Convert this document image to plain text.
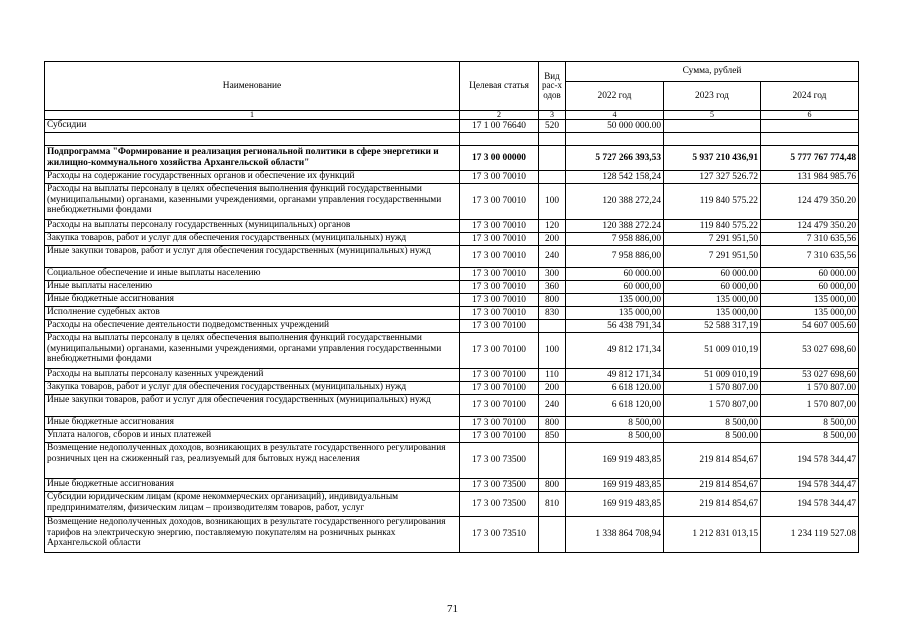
Наименование	Целевая статья	Вид рас-ходов	Сумма, рублей		
			2022 год	2023 год	2024 год
1	2	3	4	5	6
Субсидии	17 1 00 76640	520	50 000 000.00		

Подпрограмма "Формирование и реализация региональной политики в сфере энергетики и жилищно-коммунального хозяйства Архангельской области"	17 3 00 00000		5 727 266 393,53	5 937 210 436,91	5 777 767 774,48
Расходы на содержание государственных органов и обеспечение их функций	17 3 00 70010		128 542 158,24	127 327 526.72	131 984 985.76
Расходы на выплаты персоналу в целях обеспечения выполнения функций государственными (муниципальными) органами, казенными учреждениями, органами управления государственными внебюджетными фондами	17 3 00 70010	100	120 388 272,24	119 840 575.22	124 479 350.20
Расходы на выплаты персоналу государственных (муниципальных) органов	17 3 00 70010	120	120 388 272.24	119 840 575.22	124 479 350.20
Закупка товаров, работ и услуг для обеспечения государственных (муниципальных) нужд	17 3 00 70010	200	7 958 886,00	7 291 951,50	7 310 635,56
Иные закупки товаров, работ и услуг для обеспечения государственных (муниципальных) нужд	17 3 00 70010	240	7 958 886,00	7 291 951,50	7 310 635,56
Социальное обеспечение и иные выплаты населению	17 3 00 70010	300	60 000.00	60 000.00	60 000.00
Иные выплаты населению	17 3 00 70010	360	60 000,00	60 000,00	60 000,00
Иные бюджетные ассигнования	17 3 00 70010	800	135 000,00	135 000,00	135 000,00
Исполнение судебных актов	17 3 00 70010	830	135 000,00	135 000,00	135 000,00
Расходы на обеспечение деятельности подведомственных учреждений	17 3 00 70100		56 438 791,34	52 588 317,19	54 607 005.60
Расходы на выплаты персоналу в целях обеспечения выполнения функций государственными (муниципальными) органами, казенными учреждениями, органами управления государственными внебюджетными фондами	17 3 00 70100	100	49 812 171,34	51 009 010,19	53 027 698,60
Расходы на выплаты персоналу казенных учреждений	17 3 00 70100	110	49 812 171,34	51 009 010,19	53 027 698,60
Закупка товаров, работ и услуг для обеспечения государственных (муниципальных) нужд	17 3 00 70100	200	6 618 120.00	1 570 807.00	1 570 807.00
Иные закупки товаров, работ и услуг для обеспечения государственных (муниципальных) нужд	17 3 00 70100	240	6 618 120,00	1 570 807,00	1 570 807,00
Иные бюджетные ассигнования	17 3 00 70100	800	8 500,00	8 500,00	8 500,00
Уплата налогов, сборов и иных платежей	17 3 00 70100	850	8 500,00	8 500.00	8 500,00
Возмещение недополученных доходов, возникающих в результате государственного регулирования розничных цен на сжиженный газ, реализуемый для бытовых нужд населения	17 3 00 73500		169 919 483,85	219 814 854,67	194 578 344,47
Иные бюджетные ассигнования	17 3 00 73500	800	169 919 483,85	219 814 854,67	194 578 344,47
Субсидии юридическим лицам (кроме некоммерческих организаций), индивидуальным предпринимателям, физическим лицам – производителям товаров, работ, услуг	17 3 00 73500	810	169 919 483,85	219 814 854,67	194 578 344,47
Возмещение недополученных доходов, возникающих в результате государственного регулирования тарифов на электрическую энергию, поставляемую покупателям на розничных рынках Архангельской области	17 3 00 73510		1 338 864 708,94	1 212 831 013,15	1 234 119 527.08
71
